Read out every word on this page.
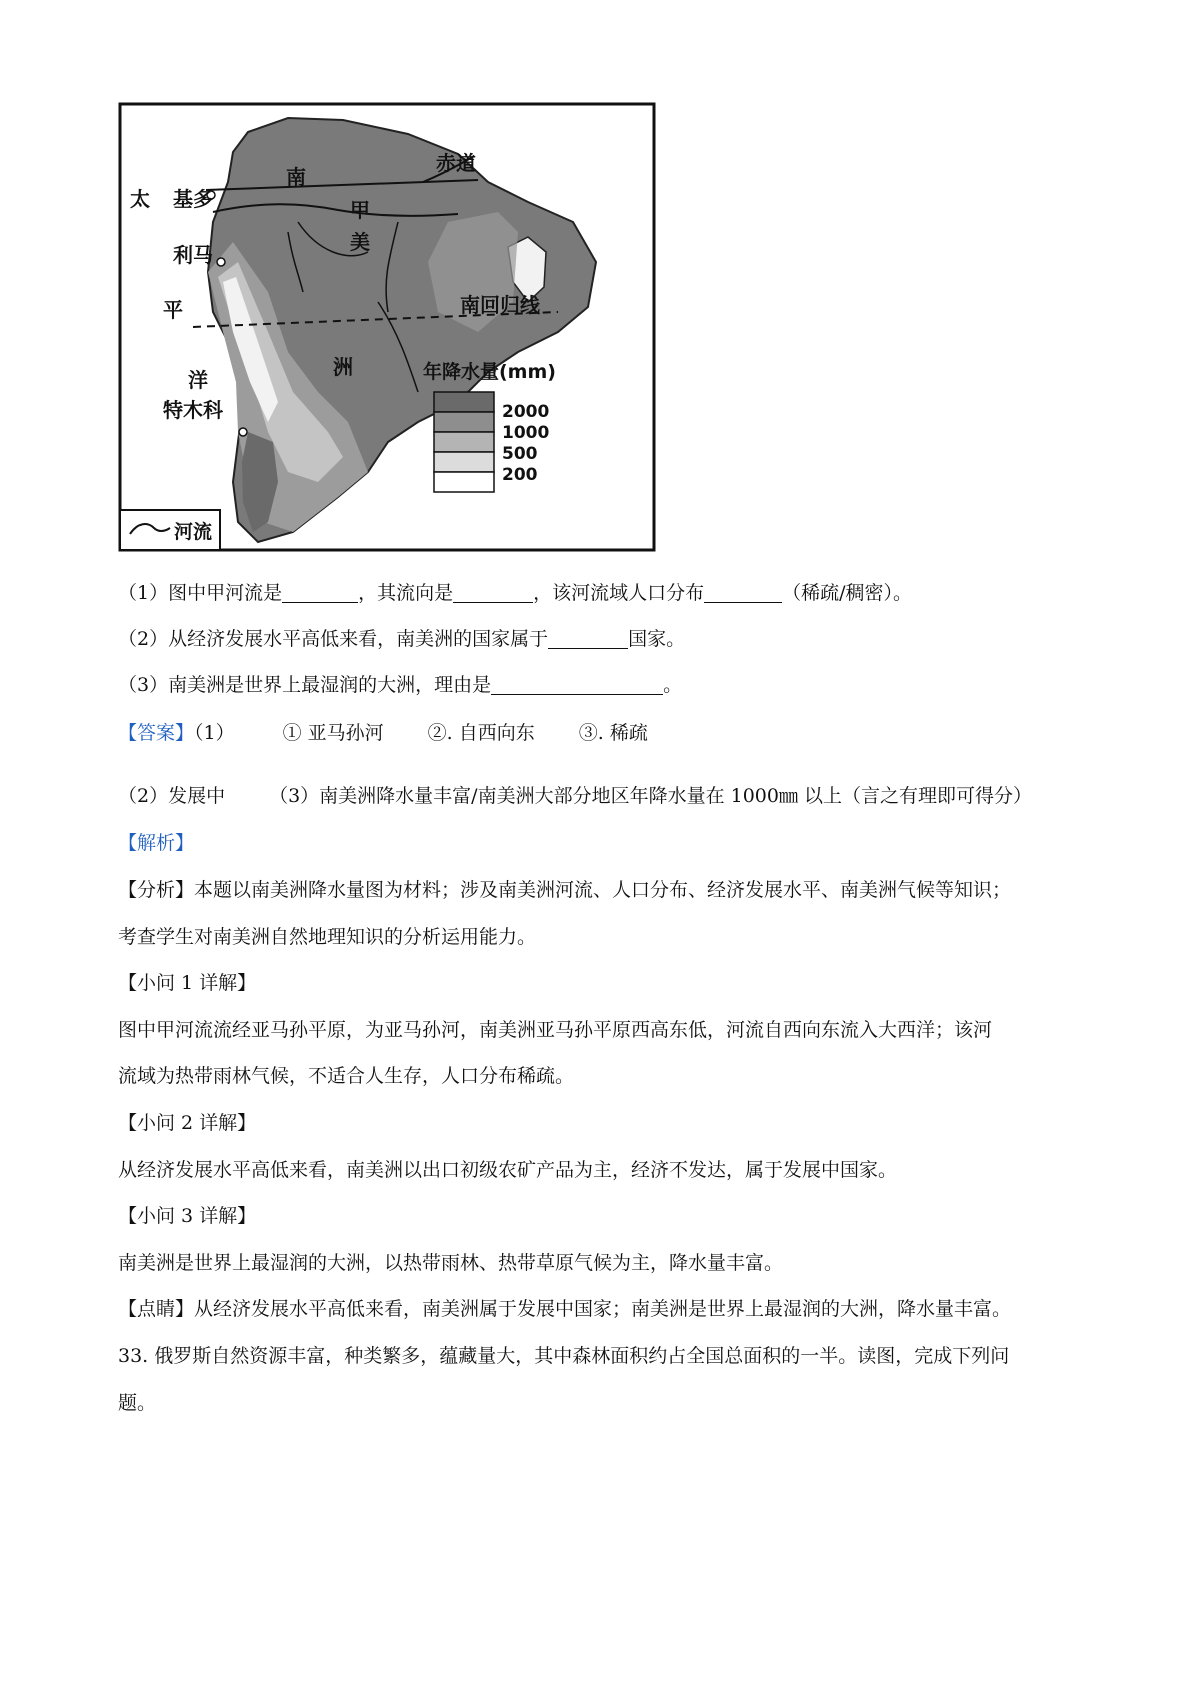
赤道
南回归线
太 基多
利马
平
洋
特木科
南
甲
美
洲	年降水量(mm)
2000
1000
500
200
河流
（1）图中甲河流是	，其流向是	，该河流域人口分布	（稀疏/稠密）。
（2）从经济发展水平高低来看，南美洲的国家属于	国家。
（3）南美洲是世界上最湿润的大洲，理由是	。
【答案】（1）	① 亚马孙河 ②. 自西向东 ③. 稀疏
（2）发展中 （3）南美洲降水量丰富/南美洲大部分地区年降水量在 1000㎜ 以上（言之有理即可得分）
【解析】
【分析】本题以南美洲降水量图为材料；涉及南美洲河流、人口分布、经济发展水平、南美洲气候等知识；
考查学生对南美洲自然地理知识的分析运用能力。
【小问 1 详解】
图中甲河流流经亚马孙平原，为亚马孙河，南美洲亚马孙平原西高东低，河流自西向东流入大西洋；该河
流域为热带雨林气候，不适合人生存，人口分布稀疏。
【小问 2 详解】
从经济发展水平高低来看，南美洲以出口初级农矿产品为主，经济不发达，属于发展中国家。
【小问 3 详解】
南美洲是世界上最湿润的大洲，以热带雨林、热带草原气候为主，降水量丰富。
【点睛】从经济发展水平高低来看，南美洲属于发展中国家；南美洲是世界上最湿润的大洲，降水量丰富。
33. 俄罗斯自然资源丰富，种类繁多，蕴藏量大，其中森林面积约占全国总面积的一半。读图，完成下列问
题。
